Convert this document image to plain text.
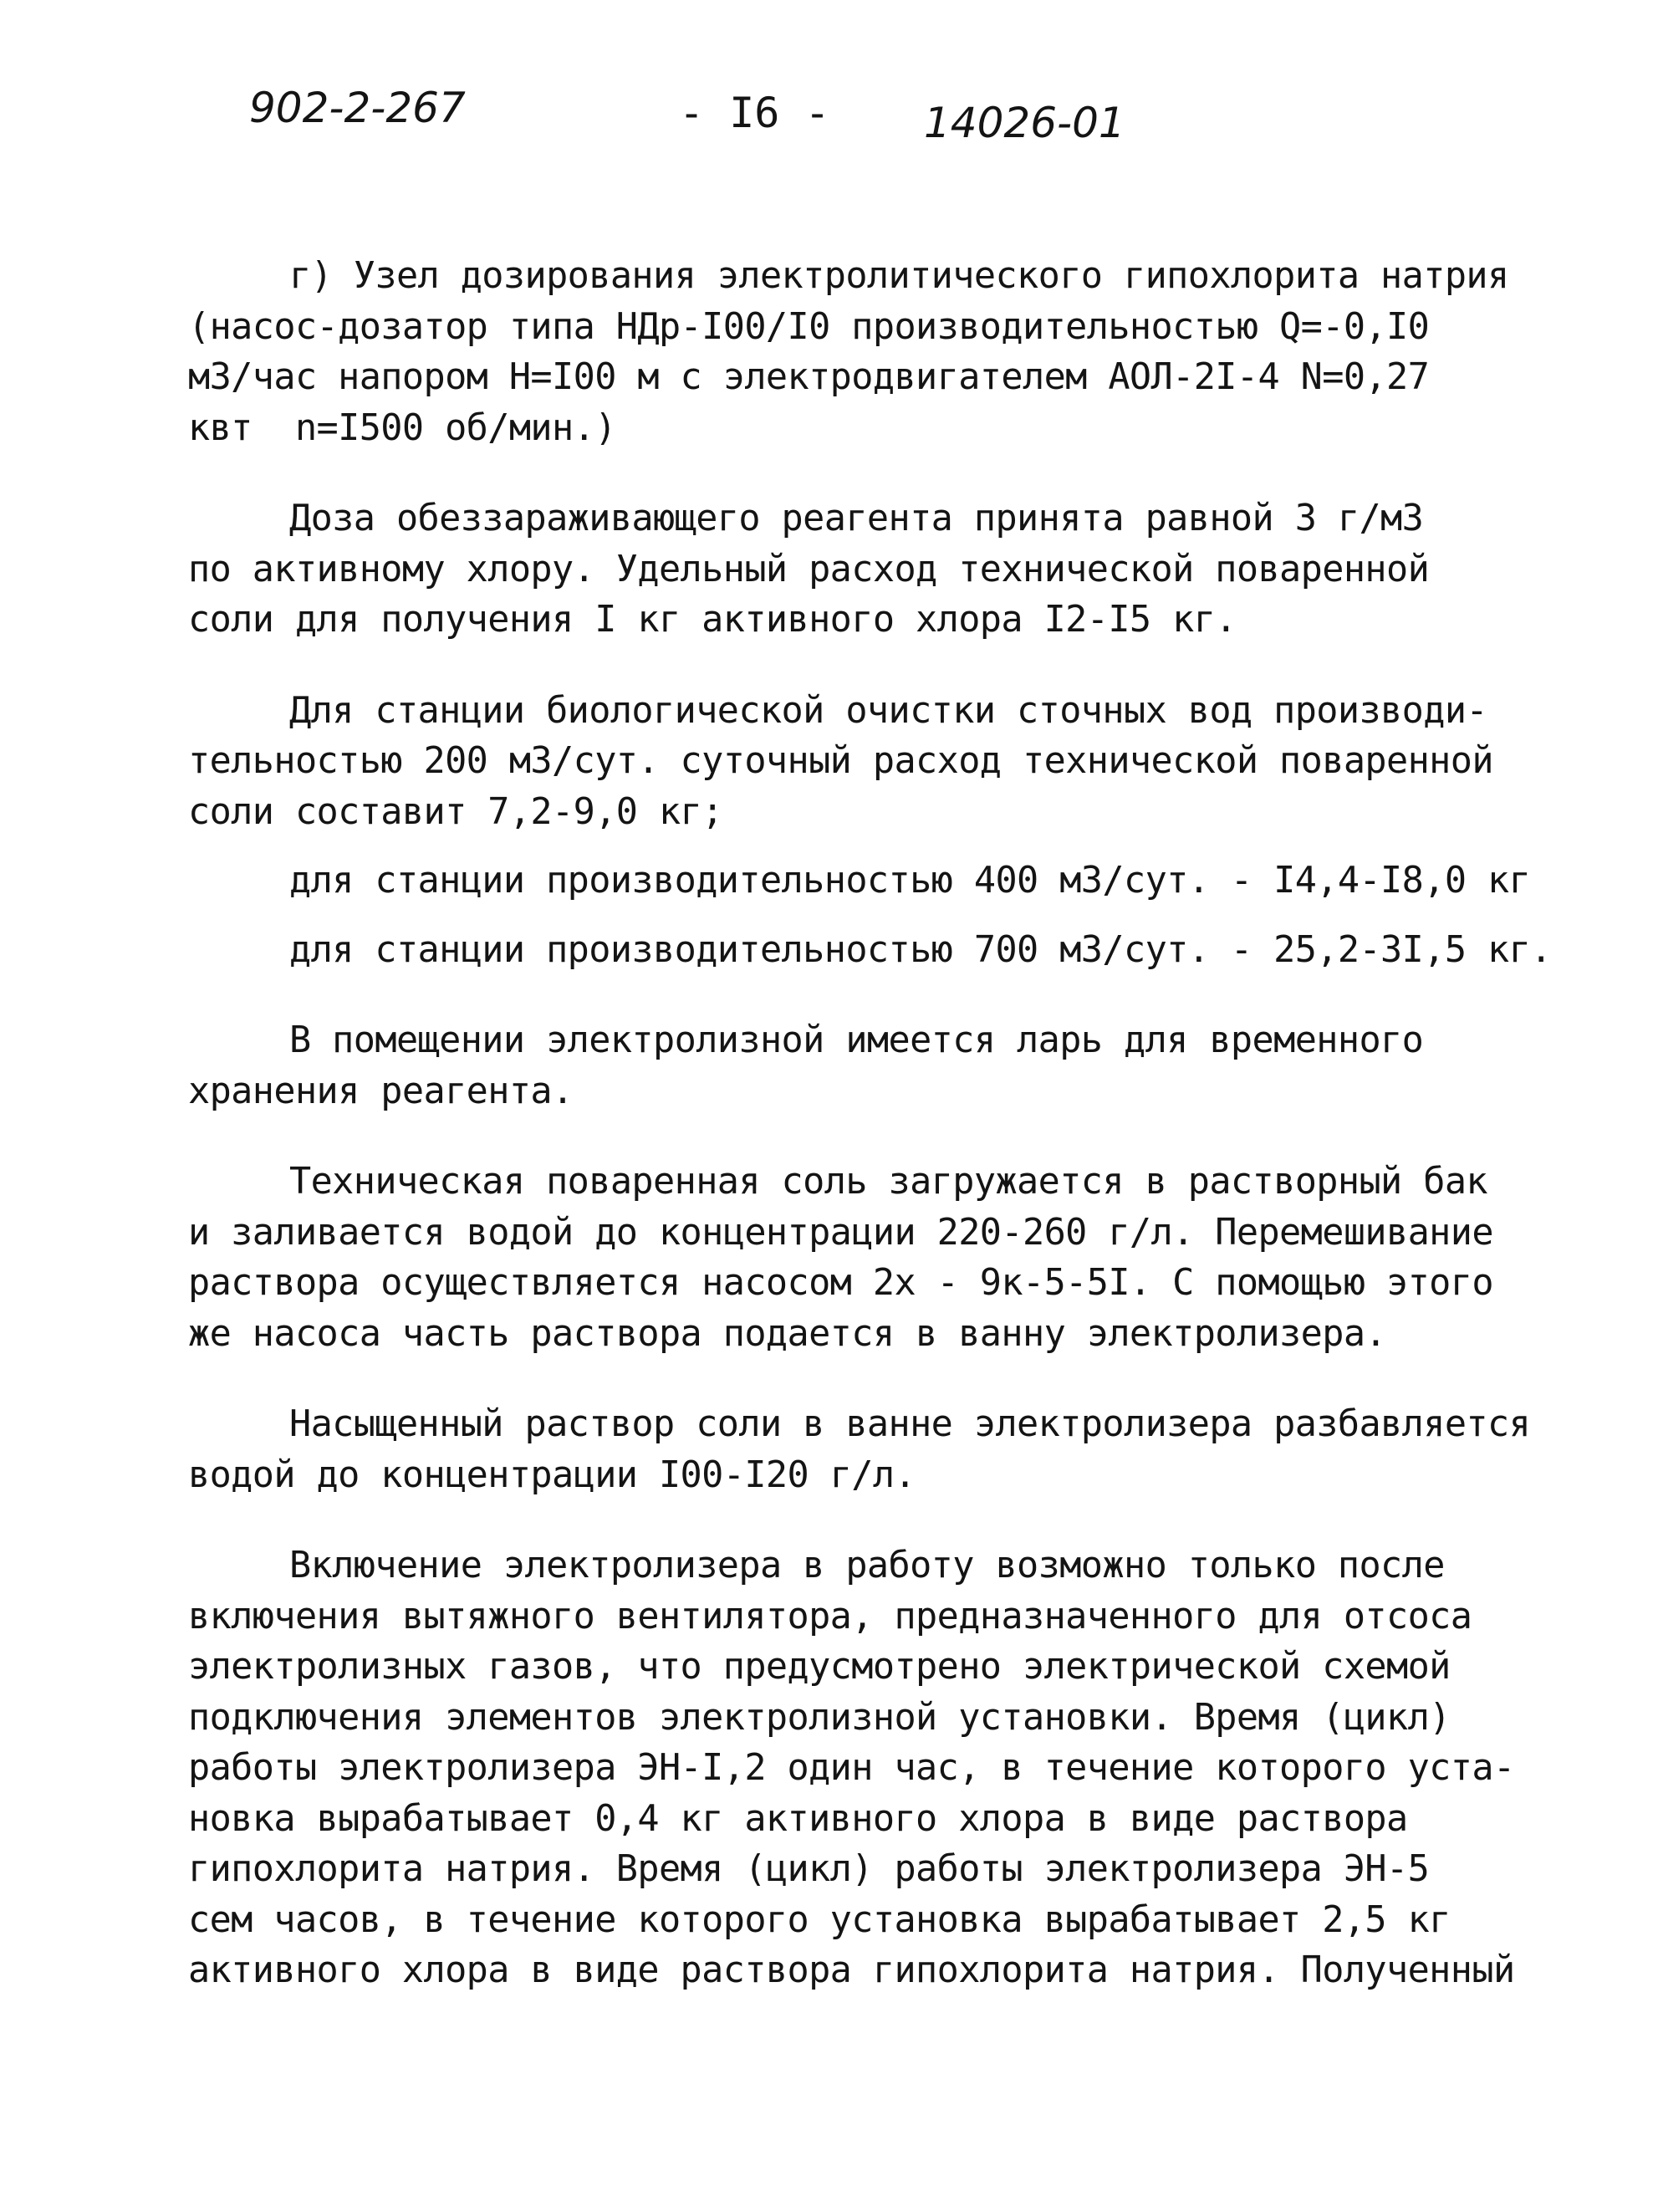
902-2-267	- I6 - 14026-01
г) Узел дозирования электролитического гипохлорита натрия
(насос-дозатор типа НДр-I00/I0 производительностью Q=-0,I0
м3/час напором Н=I00 м с электродвигателем АОЛ-2I-4 N=0,27
квт  n=I500 об/мин.)
Доза обеззараживающего реагента принята равной 3 г/м3
по активному хлору. Удельный расход технической поваренной
соли для получения I кг активного хлора I2-I5 кг.
Для станции биологической очистки сточных вод производи-
тельностью 200 м3/сут. суточный расход технической поваренной
соли составит 7,2-9,0 кг;
для станции производительностью 400 м3/сут. - I4,4-I8,0 кг
для станции производительностью 700 м3/сут. - 25,2-3I,5 кг.
В помещении электролизной имеется ларь для временного
хранения реагента.
Техническая поваренная соль загружается в растворный бак
и заливается водой до концентрации 220-260 г/л. Перемешивание
раствора осуществляется насосом 2х - 9к-5-5I. С помощью этого
же насоса часть раствора подается в ванну электролизера.
Насыщенный раствор соли в ванне электролизера разбавляется
водой до концентрации I00-I20 г/л.
Включение электролизера в работу возможно только после
включения вытяжного вентилятора, предназначенного для отсоса
электролизных газов, что предусмотрено электрической схемой
подключения элементов электролизной установки. Время (цикл)
работы электролизера ЭН-I,2 один час, в течение которого уста-
новка вырабатывает 0,4 кг активного хлора в виде раствора
гипохлорита натрия. Время (цикл) работы электролизера ЭН-5
сем часов, в течение которого установка вырабатывает 2,5 кг
активного хлора в виде раствора гипохлорита натрия. Полученный
